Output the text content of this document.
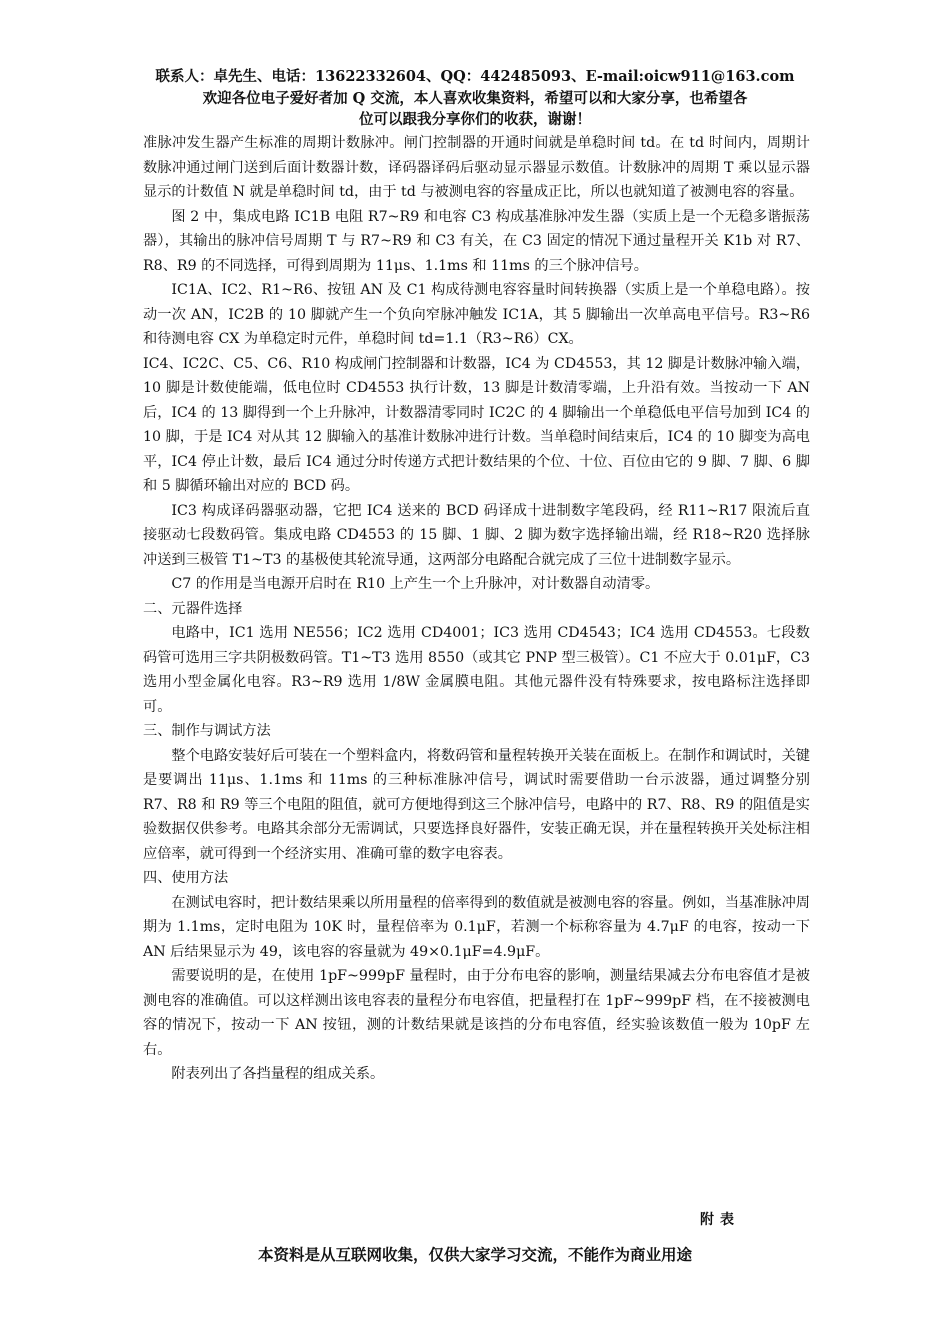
联系人：卓先生、电话：13622332604、QQ：442485093、E-mail:oicw911@163.com
欢迎各位电子爱好者加 Q 交流，本人喜欢收集资料，希望可以和大家分享，也希望各
位可以跟我分享你们的收获，谢谢！

准脉冲发生器产生标准的周期计数脉冲。闸门控制器的开通时间就是单稳时间 td。在 td 时间内，周期计数脉冲通过闸门送到后面计数器计数，译码器译码后驱动显示器显示数值。计数脉冲的周期 T 乘以显示器显示的计数值 N 就是单稳时间 td，由于 td 与被测电容的容量成正比，所以也就知道了被测电容的容量。

图 2 中，集成电路 IC1B 电阻 R7~R9 和电容 C3 构成基准脉冲发生器（实质上是一个无稳多谐振荡器），其输出的脉冲信号周期 T 与 R7~R9 和 C3 有关，在 C3 固定的情况下通过量程开关 K1b 对 R7、R8、R9 的不同选择，可得到周期为 11μs、1.1ms 和 11ms 的三个脉冲信号。

IC1A、IC2、R1~R6、按钮 AN 及 C1 构成待测电容容量时间转换器（实质上是一个单稳电路）。按动一次 AN，IC2B 的 10 脚就产生一个负向窄脉冲触发 IC1A，其 5 脚输出一次单高电平信号。R3~R6 和待测电容 CX 为单稳定时元件，单稳时间 td=1.1（R3~R6）CX。

IC4、IC2C、C5、C6、R10 构成闸门控制器和计数器，IC4 为 CD4553，其 12 脚是计数脉冲输入端，10 脚是计数使能端，低电位时 CD4553 执行计数，13 脚是计数清零端，上升沿有效。当按动一下 AN 后，IC4 的 13 脚得到一个上升脉冲，计数器清零同时 IC2C 的 4 脚输出一个单稳低电平信号加到 IC4 的 10 脚，于是 IC4 对从其 12 脚输入的基准计数脉冲进行计数。当单稳时间结束后，IC4 的 10 脚变为高电平，IC4 停止计数，最后 IC4 通过分时传递方式把计数结果的个位、十位、百位由它的 9 脚、7 脚、6 脚和 5 脚循环输出对应的 BCD 码。

IC3 构成译码器驱动器，它把 IC4 送来的 BCD 码译成十进制数字笔段码，经 R11~R17 限流后直接驱动七段数码管。集成电路 CD4553 的 15 脚、1 脚、2 脚为数字选择输出端，经 R18~R20 选择脉冲送到三极管 T1~T3 的基极使其轮流导通，这两部分电路配合就完成了三位十进制数字显示。

C7 的作用是当电源开启时在 R10 上产生一个上升脉冲，对计数器自动清零。

二、元器件选择

电路中，IC1 选用 NE556；IC2 选用 CD4001；IC3 选用 CD4543；IC4 选用 CD4553。七段数码管可选用三字共阴极数码管。T1~T3 选用 8550（或其它 PNP 型三极管）。C1 不应大于 0.01μF，C3 选用小型金属化电容。R3~R9 选用 1/8W 金属膜电阻。其他元器件没有特殊要求，按电路标注选择即可。

三、制作与调试方法

整个电路安装好后可装在一个塑料盒内，将数码管和量程转换开关装在面板上。在制作和调试时，关键是要调出 11μs、1.1ms 和 11ms 的三种标准脉冲信号，调试时需要借助一台示波器，通过调整分别 R7、R8 和 R9 等三个电阻的阻值，就可方便地得到这三个脉冲信号，电路中的 R7、R8、R9 的阻值是实验数据仅供参考。电路其余部分无需调试，只要选择良好器件，安装正确无误，并在量程转换开关处标注相应倍率，就可得到一个经济实用、准确可靠的数字电容表。

四、使用方法

在测试电容时，把计数结果乘以所用量程的倍率得到的数值就是被测电容的容量。例如，当基准脉冲周期为 1.1ms，定时电阻为 10K 时，量程倍率为 0.1μF，若测一个标称容量为 4.7μF 的电容，按动一下 AN 后结果显示为 49，该电容的容量就为 49×0.1μF=4.9μF。

需要说明的是，在使用 1pF~999pF 量程时，由于分布电容的影响，测量结果减去分布电容值才是被测电容的准确值。可以这样测出该电容表的量程分布电容值，把量程打在 1pF~999pF 档，在不接被测电容的情况下，按动一下 AN 按钮，测的计数结果就是该挡的分布电容值，经实验该数值一般为 10pF 左右。

附表列出了各挡量程的组成关系。

附表
本资料是从互联网收集，仅供大家学习交流，不能作为商业用途
